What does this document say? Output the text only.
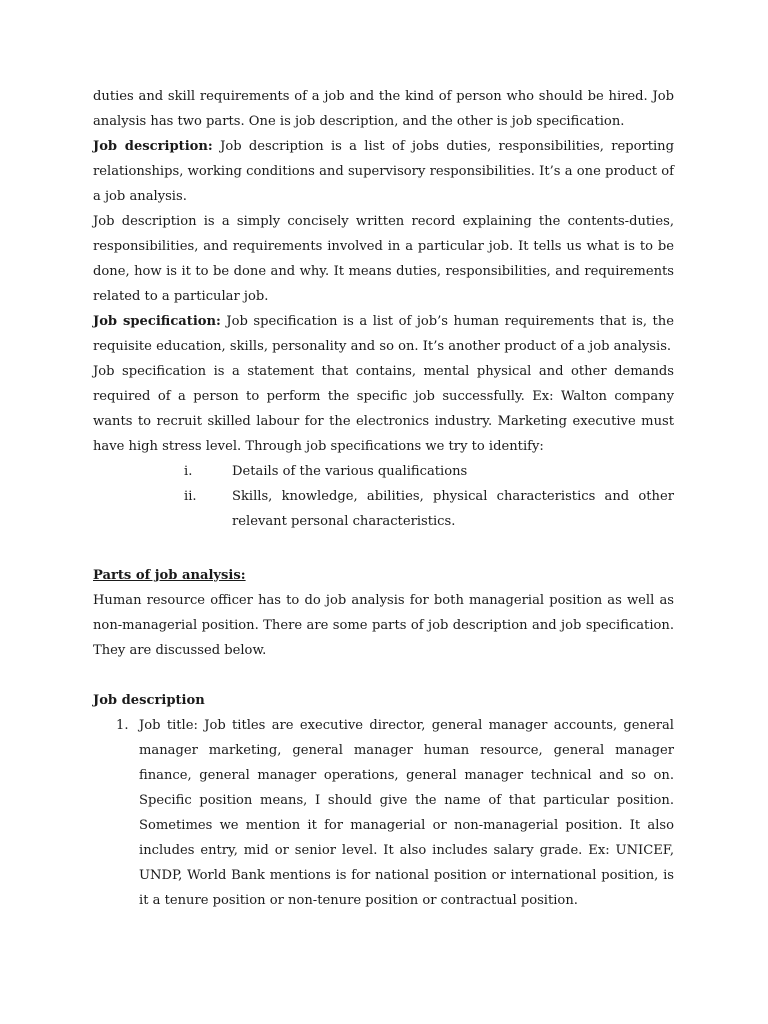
duties and skill requirements of a job and the kind of person who should be hired. Job analysis has two parts. One is job description, and the other is job specification.

Job description: Job description is a list of jobs duties, responsibilities, reporting relationships, working conditions and supervisory responsibilities. It’s a one product of a job analysis.

Job description is a simply concisely written record explaining the contents-duties, responsibilities, and requirements involved in a particular job. It tells us what is to be done, how is it to be done and why. It means duties, responsibilities, and requirements related to a particular job.

Job specification: Job specification is a list of job’s human requirements that is, the requisite education, skills, personality and so on. It’s another product of a job analysis.

Job specification is a statement that contains, mental physical and other demands required of a person to perform the specific job successfully. Ex: Walton company wants to recruit skilled labour for the electronics industry. Marketing executive must have high stress level. Through job specifications we try to identify:

i.	Details of the various qualifications
ii.	Skills, knowledge, abilities, physical characteristics and other relevant personal characteristics.
Parts of job analysis:

Human resource officer has to do job analysis for both managerial position as well as non-managerial position. There are some parts of job description and job specification. They are discussed below.

Job description
1. Job title: Job titles are executive director, general manager accounts, general manager marketing, general manager human resource, general manager finance, general manager operations, general manager technical and so on. Specific position means, I should give the name of that particular position. Sometimes we mention it for managerial or non-managerial position. It also includes entry, mid or senior level. It also includes salary grade. Ex: UNICEF, UNDP, World Bank mentions is for national position or international position, is it a tenure position or non-tenure position or contractual position.
